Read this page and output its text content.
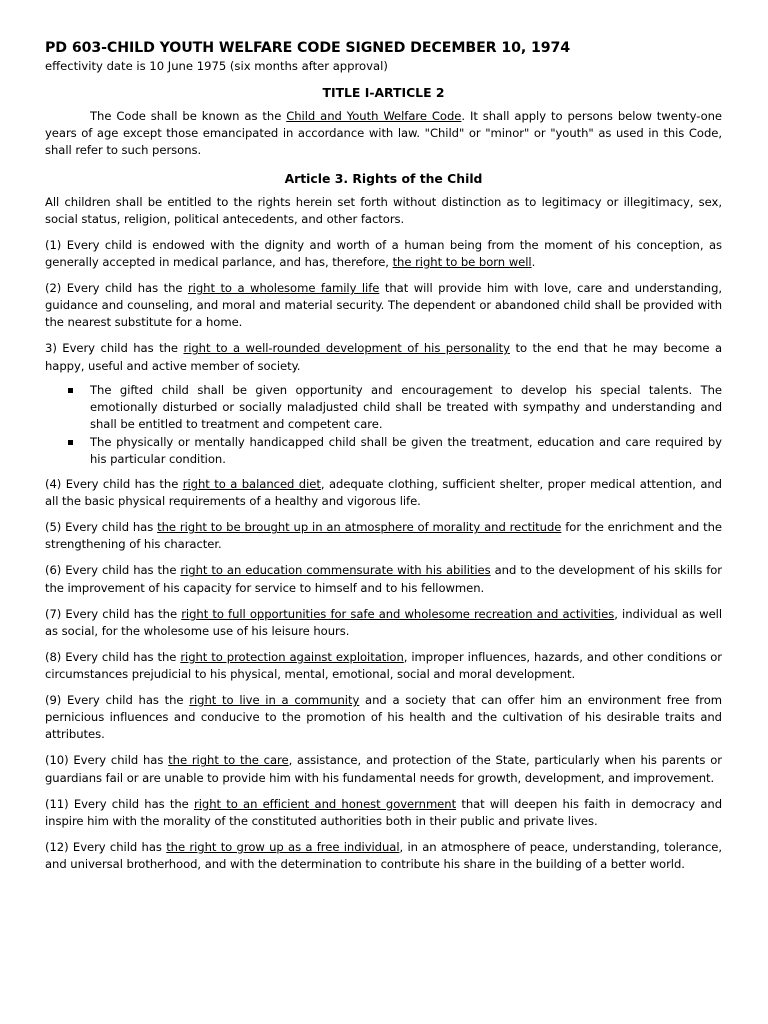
PD 603-CHILD YOUTH WELFARE CODE SIGNED DECEMBER 10, 1974
effectivity date is 10 June 1975 (six months after approval)
TITLE I-ARTICLE 2

The Code shall be known as the Child and Youth Welfare Code. It shall apply to persons below twenty-one years of age except those emancipated in accordance with law. "Child" or "minor" or "youth" as used in this Code, shall refer to such persons.

Article 3. Rights of the Child

All children shall be entitled to the rights herein set forth without distinction as to legitimacy or illegitimacy, sex, social status, religion, political antecedents, and other factors.

(1) Every child is endowed with the dignity and worth of a human being from the moment of his conception, as generally accepted in medical parlance, and has, therefore, the right to be born well.

(2) Every child has the right to a wholesome family life that will provide him with love, care and understanding, guidance and counseling, and moral and material security. The dependent or abandoned child shall be provided with the nearest substitute for a home.

3) Every child has the right to a well-rounded development of his personality to the end that he may become a happy, useful and active member of society.

The gifted child shall be given opportunity and encouragement to develop his special talents. The emotionally disturbed or socially maladjusted child shall be treated with sympathy and understanding and shall be entitled to treatment and competent care.
The physically or mentally handicapped child shall be given the treatment, education and care required by his particular condition.

(4) Every child has the right to a balanced diet, adequate clothing, sufficient shelter, proper medical attention, and all the basic physical requirements of a healthy and vigorous life.

(5) Every child has the right to be brought up in an atmosphere of morality and rectitude for the enrichment and the strengthening of his character.

(6) Every child has the right to an education commensurate with his abilities and to the development of his skills for the improvement of his capacity for service to himself and to his fellowmen.

(7) Every child has the right to full opportunities for safe and wholesome recreation and activities, individual as well as social, for the wholesome use of his leisure hours.

(8) Every child has the right to protection against exploitation, improper influences, hazards, and other conditions or circumstances prejudicial to his physical, mental, emotional, social and moral development.

(9) Every child has the right to live in a community and a society that can offer him an environment free from pernicious influences and conducive to the promotion of his health and the cultivation of his desirable traits and attributes.

(10) Every child has the right to the care, assistance, and protection of the State, particularly when his parents or guardians fail or are unable to provide him with his fundamental needs for growth, development, and improvement.

(11) Every child has the right to an efficient and honest government that will deepen his faith in democracy and inspire him with the morality of the constituted authorities both in their public and private lives.

(12) Every child has the right to grow up as a free individual, in an atmosphere of peace, understanding, tolerance, and universal brotherhood, and with the determination to contribute his share in the building of a better world.
